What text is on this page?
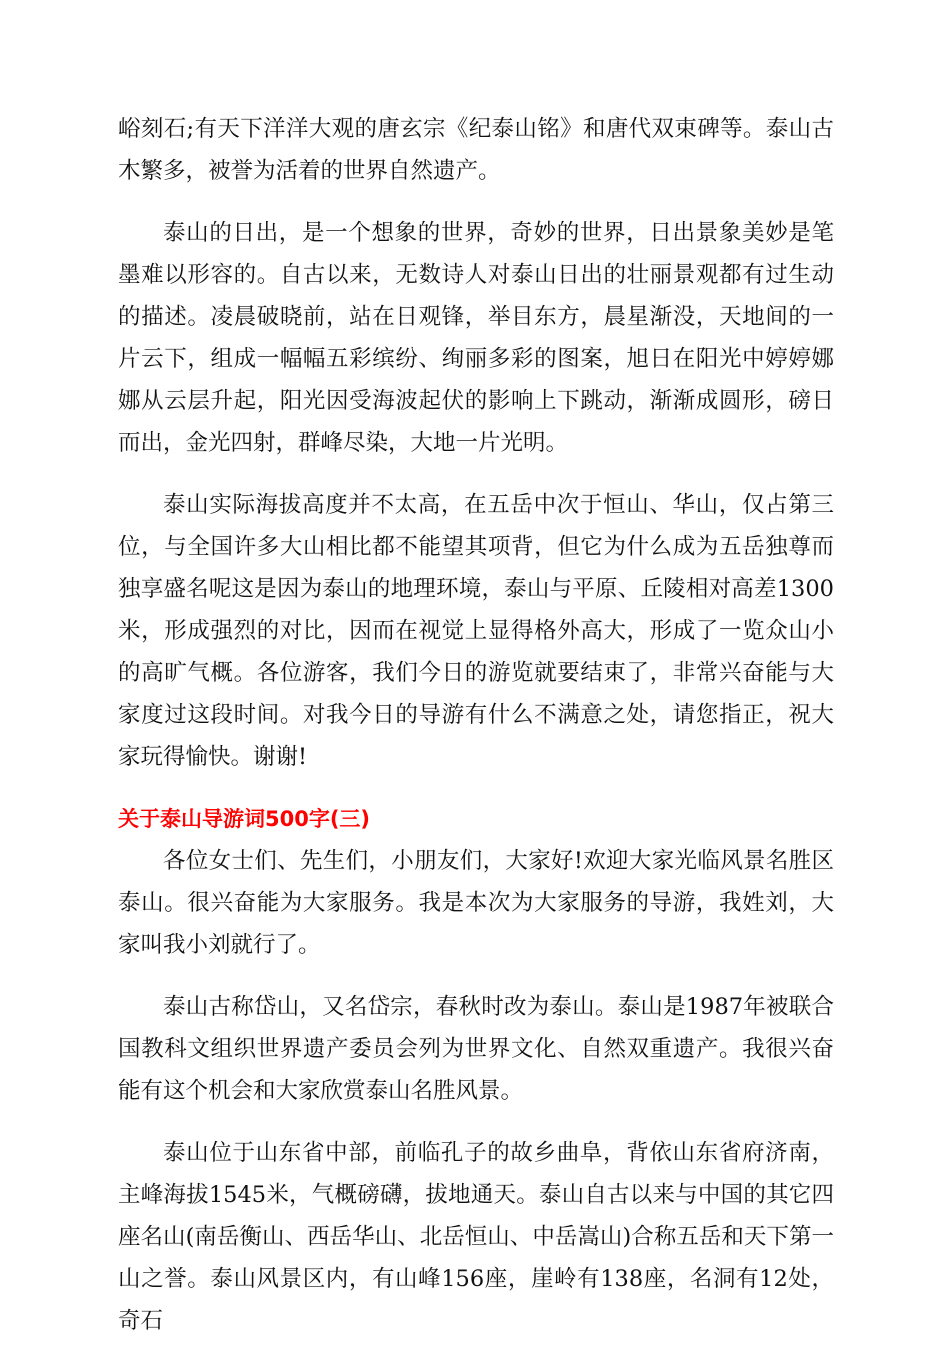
峪刻石;有天下洋洋大观的唐玄宗《纪泰山铭》和唐代双束碑等。泰山古木繁多，被誉为活着的世界自然遗产。

泰山的日出，是一个想象的世界，奇妙的世界，日出景象美妙是笔墨难以形容的。自古以来，无数诗人对泰山日出的壮丽景观都有过生动的描述。凌晨破晓前，站在日观锋，举目东方，晨星渐没，天地间的一片云下，组成一幅幅五彩缤纷、绚丽多彩的图案，旭日在阳光中婷婷娜娜从云层升起，阳光因受海波起伏的影响上下跳动，渐渐成圆形，磅日而出，金光四射，群峰尽染，大地一片光明。

泰山实际海拔高度并不太高，在五岳中次于恒山、华山，仅占第三位，与全国许多大山相比都不能望其项背，但它为什么成为五岳独尊而独享盛名呢这是因为泰山的地理环境，泰山与平原、丘陵相对高差1300米，形成强烈的对比，因而在视觉上显得格外高大，形成了一览众山小的高旷气概。各位游客，我们今日的游览就要结束了，非常兴奋能与大家度过这段时间。对我今日的导游有什么不满意之处，请您指正，祝大家玩得愉快。谢谢!

关于泰山导游词500字(三)

各位女士们、先生们，小朋友们，大家好!欢迎大家光临风景名胜区泰山。很兴奋能为大家服务。我是本次为大家服务的导游，我姓刘，大家叫我小刘就行了。

泰山古称岱山，又名岱宗，春秋时改为泰山。泰山是1987年被联合国教科文组织世界遗产委员会列为世界文化、自然双重遗产。我很兴奋能有这个机会和大家欣赏泰山名胜风景。

泰山位于山东省中部，前临孔子的故乡曲阜，背依山东省府济南，主峰海拔1545米，气概磅礴，拔地通天。泰山自古以来与中国的其它四座名山(南岳衡山、西岳华山、北岳恒山、中岳嵩山)合称五岳和天下第一山之誉。泰山风景区内，有山峰156座，崖岭有138座，名洞有12处，奇石
